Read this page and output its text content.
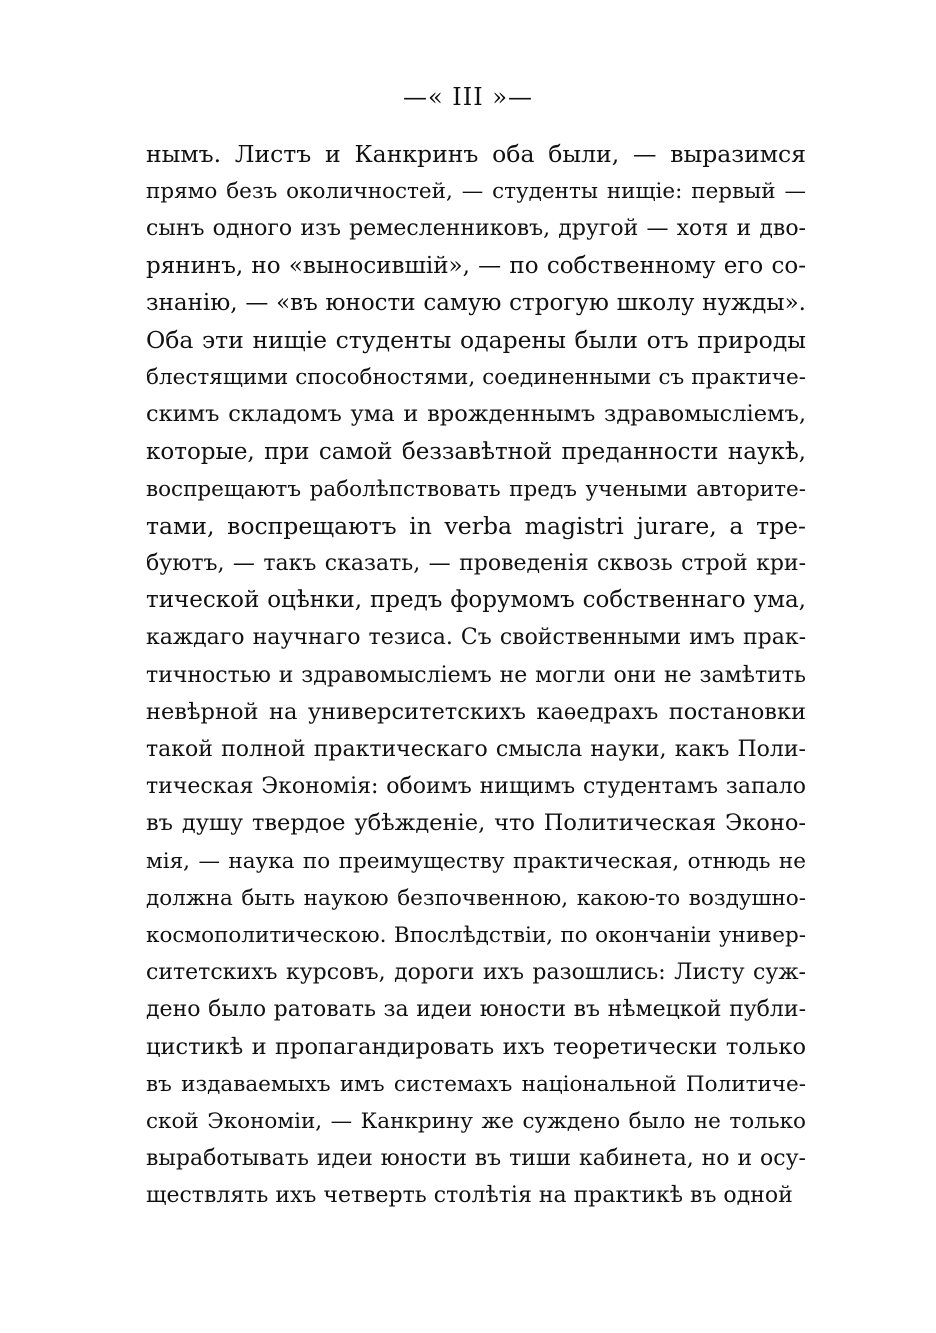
—« III »—
нымъ. Листъ и Канкринъ оба были, — выразимся
прямо безъ околичностей, — студенты нищіе: первый —
сынъ одного изъ ремесленниковъ, другой — хотя и дво-
рянинъ, но «выносившій», — по собственному его со-
знанію, — «въ юности самую строгую школу нужды».
Оба эти нищіе студенты одарены были отъ природы
блестящими способностями, соединенными съ практиче-
скимъ складомъ ума и врожденнымъ здравомысліемъ,
которые, при самой беззавѣтной преданности наукѣ,
воспрещаютъ раболѣпствовать предъ учеными авторите-
тами, воспрещаютъ in verba magistri jurare, а тре-
буютъ, — такъ сказать, — проведенія сквозь строй кри-
тической оцѣнки, предъ форумомъ собственнаго ума,
каждаго научнаго тезиса. Съ свойственными имъ прак-
тичностью и здравомысліемъ не могли они не замѣтить
невѣрной на университетскихъ каѳедрахъ постановки
такой полной практическаго смысла науки, какъ Поли-
тическая Экономія: обоимъ нищимъ студентамъ запало
въ душу твердое убѣжденіе, что Политическая Эконо-
мія, — наука по преимуществу практическая, отнюдь не
должна быть наукою безпочвенною, какою-то воздушно-
космополитическою. Впослѣдствіи, по окончаніи универ-
ситетскихъ курсовъ, дороги ихъ разошлись: Листу суж-
дено было ратовать за идеи юности въ нѣмецкой публи-
цистикѣ и пропагандировать ихъ теоретически только
въ издаваемыхъ имъ системахъ національной Политиче-
ской Экономіи, — Канкрину же суждено было не только
выработывать идеи юности въ тиши кабинета, но и осу-
ществлять ихъ четверть столѣтія на практикѣ въ одной
